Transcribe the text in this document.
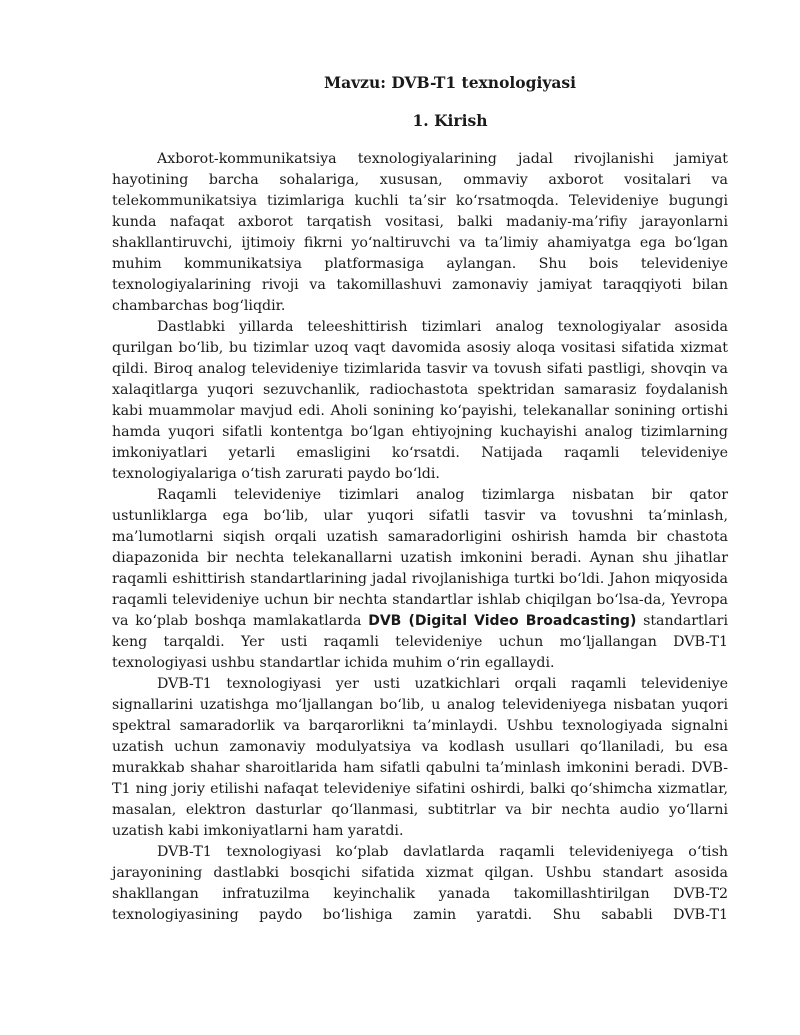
Mavzu: DVB-T1 texnologiyasi
1. Kirish

Axborot-kommunikatsiya texnologiyalarining jadal rivojlanishi jamiyat hayotining barcha sohalariga, xususan, ommaviy axborot vositalari va telekommunikatsiya tizimlariga kuchli ta’sir ko‘rsatmoqda. Televideniye bugungi kunda nafaqat axborot tarqatish vositasi, balki madaniy-ma’rifiy jarayonlarni shakllantiruvchi, ijtimoiy fikrni yo‘naltiruvchi va ta’limiy ahamiyatga ega bo‘lgan muhim kommunikatsiya platformasiga aylangan. Shu bois televideniye texnologiyalarining rivoji va takomillashuvi zamonaviy jamiyat taraqqiyoti bilan chambarchas bog‘liqdir.

Dastlabki yillarda teleeshittirish tizimlari analog texnologiyalar asosida qurilgan bo‘lib, bu tizimlar uzoq vaqt davomida asosiy aloqa vositasi sifatida xizmat qildi. Biroq analog televideniye tizimlarida tasvir va tovush sifati pastligi, shovqin va xalaqitlarga yuqori sezuvchanlik, radiochastota spektridan samarasiz foydalanish kabi muammolar mavjud edi. Aholi sonining ko‘payishi, telekanallar sonining ortishi hamda yuqori sifatli kontentga bo‘lgan ehtiyojning kuchayishi analog tizimlarning imkoniyatlari yetarli emasligini ko‘rsatdi. Natijada raqamli televideniye texnologiyalariga o‘tish zarurati paydo bo‘ldi.

Raqamli televideniye tizimlari analog tizimlarga nisbatan bir qator ustunliklarga ega bo‘lib, ular yuqori sifatli tasvir va tovushni ta’minlash, ma’lumotlarni siqish orqali uzatish samaradorligini oshirish hamda bir chastota diapazonida bir nechta telekanallarni uzatish imkonini beradi. Aynan shu jihatlar raqamli eshittirish standartlarining jadal rivojlanishiga turtki bo‘ldi. Jahon miqyosida raqamli televideniye uchun bir nechta standartlar ishlab chiqilgan bo‘lsa-da, Yevropa va ko‘plab boshqa mamlakatlarda DVB (Digital Video Broadcasting) standartlari keng tarqaldi. Yer usti raqamli televideniye uchun mo‘ljallangan DVB-T1 texnologiyasi ushbu standartlar ichida muhim o‘rin egallaydi.

DVB-T1 texnologiyasi yer usti uzatkichlari orqali raqamli televideniye signallarini uzatishga mo‘ljallangan bo‘lib, u analog televideniyega nisbatan yuqori spektral samaradorlik va barqarorlikni ta’minlaydi. Ushbu texnologiyada signalni uzatish uchun zamonaviy modulyatsiya va kodlash usullari qo‘llaniladi, bu esa murakkab shahar sharoitlarida ham sifatli qabulni ta’minlash imkonini beradi. DVB-T1 ning joriy etilishi nafaqat televideniye sifatini oshirdi, balki qo‘shimcha xizmatlar, masalan, elektron dasturlar qo‘llanmasi, subtitrlar va bir nechta audio yo‘llarni uzatish kabi imkoniyatlarni ham yaratdi.

DVB-T1 texnologiyasi ko‘plab davlatlarda raqamli televideniyega o‘tish jarayonining dastlabki bosqichi sifatida xizmat qilgan. Ushbu standart asosida shakllangan infratuzilma keyinchalik yanada takomillashtirilgan DVB-T2 texnologiyasining paydo bo‘lishiga zamin yaratdi. Shu sababli DVB-T1
